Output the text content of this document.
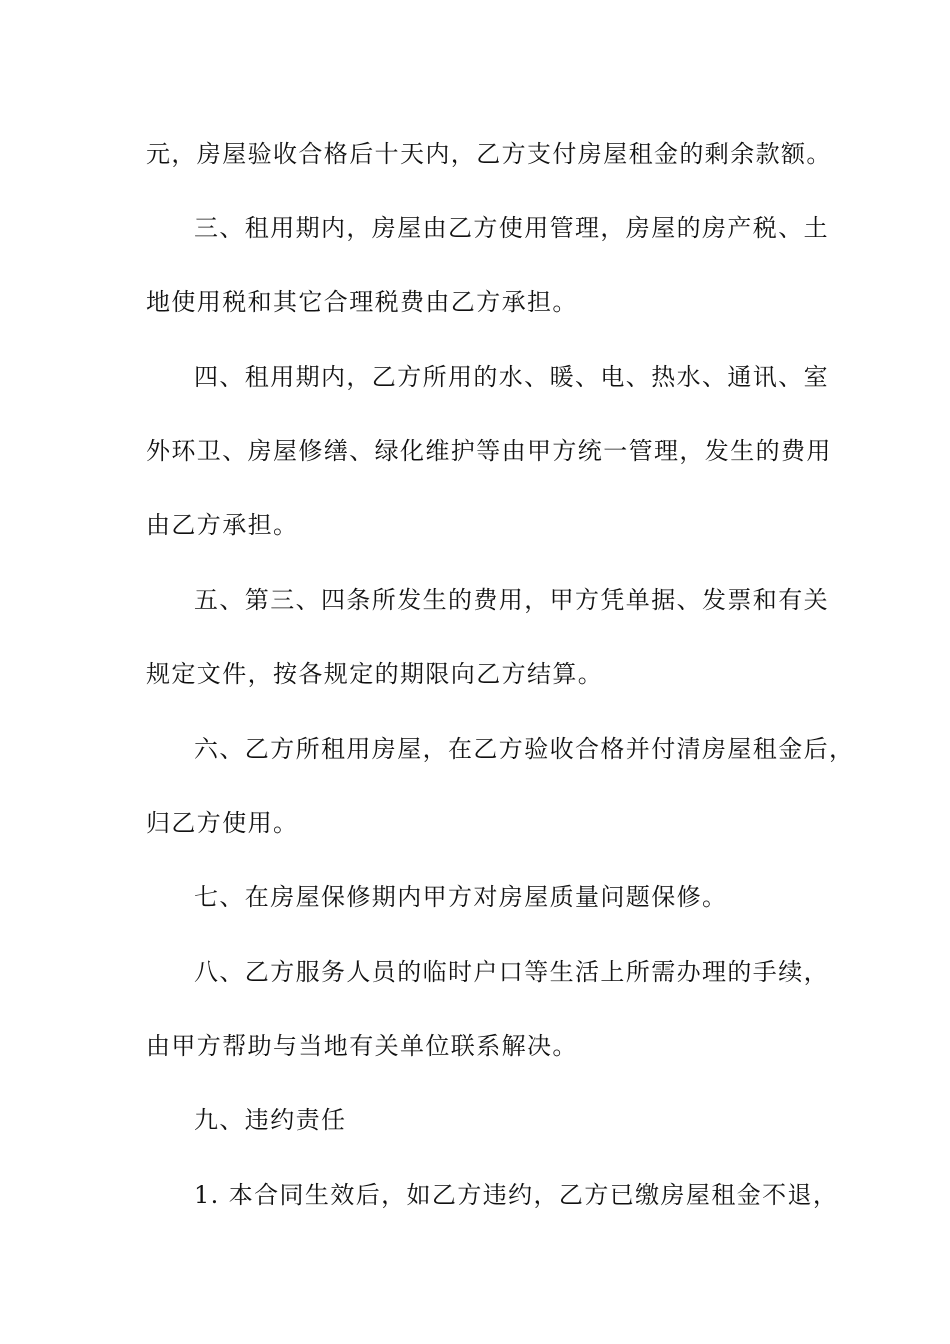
元，房屋验收合格后十天内，乙方支付房屋租金的剩余款额。
三、租用期内，房屋由乙方使用管理，房屋的房产税、土
地使用税和其它合理税费由乙方承担。
四、租用期内，乙方所用的水、暖、电、热水、通讯、室
外环卫、房屋修缮、绿化维护等由甲方统一管理，发生的费用
由乙方承担。
五、第三、四条所发生的费用，甲方凭单据、发票和有关
规定文件，按各规定的期限向乙方结算。
六、乙方所租用房屋，在乙方验收合格并付清房屋租金后，
归乙方使用。
七、在房屋保修期内甲方对房屋质量问题保修。
八、乙方服务人员的临时户口等生活上所需办理的手续，
由甲方帮助与当地有关单位联系解决。
九、违约责任
1. 本合同生效后，如乙方违约，乙方已缴房屋租金不退，
